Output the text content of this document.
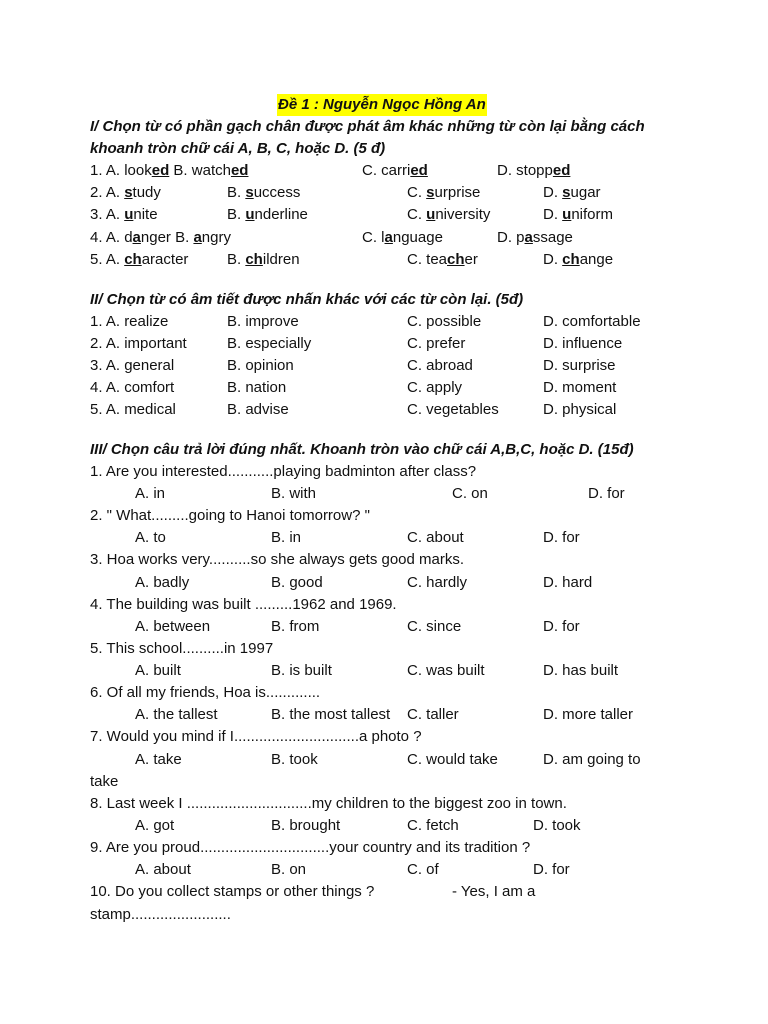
Đề 1 : Nguyễn Ngọc Hồng An
I/ Chọn từ có phần gạch chân được phát âm khác những từ còn lại bằng cách
khoanh tròn chữ cái A, B, C, hoặc D. (5 đ)
1. A. looked B. watched	C. carried	D. stopped
2. A. study	B. success	C. surprise	D. sugar
3. A. unite	B. underline	C. university	D. uniform
4. A. danger B. angry	C. language	D. passage
5. A. character	B. children	C. teacher	D. change
II/ Chọn từ có âm tiết được nhấn khác với các từ còn lại. (5đ)
1. A. realize	B. improve	C. possible	D. comfortable
2. A. important	B. especially	C. prefer	D. influence
3. A. general	B. opinion	C. abroad	D. surprise
4. A. comfort	B. nation	C. apply	D. moment
5. A. medical	B. advise	C. vegetables	D. physical
III/ Chọn câu trả lời đúng nhất. Khoanh tròn vào chữ cái A,B,C, hoặc D. (15đ)
1. Are you interested...........playing badminton after class?
A. in	B. with	C. on	D. for
2. " What.........going to Hanoi tomorrow? "
A. to	B. in	C. about	D. for
3. Hoa works very..........so she always gets good marks.
A. badly	B. good	C. hardly	D. hard
4. The building was built .........1962 and 1969.
A. between	B. from	C. since	D. for
5. This school..........in 1997
A. built	B. is built	C. was built	D. has built
6. Of all my friends, Hoa is.............
A. the tallest	B. the most tallest C. taller	D. more taller
7. Would you mind if I..............................a photo ?
A. take	B. took	C. would take	D. am going to
take
8. Last week I ..............................my children to the biggest zoo in town.
A. got	B. brought	C. fetch	D. took
9. Are you proud...............................your country and its tradition ?
A. about	B. on	C. of	D. for
10. Do you collect stamps or other things ?	- Yes, I am a
stamp........................
